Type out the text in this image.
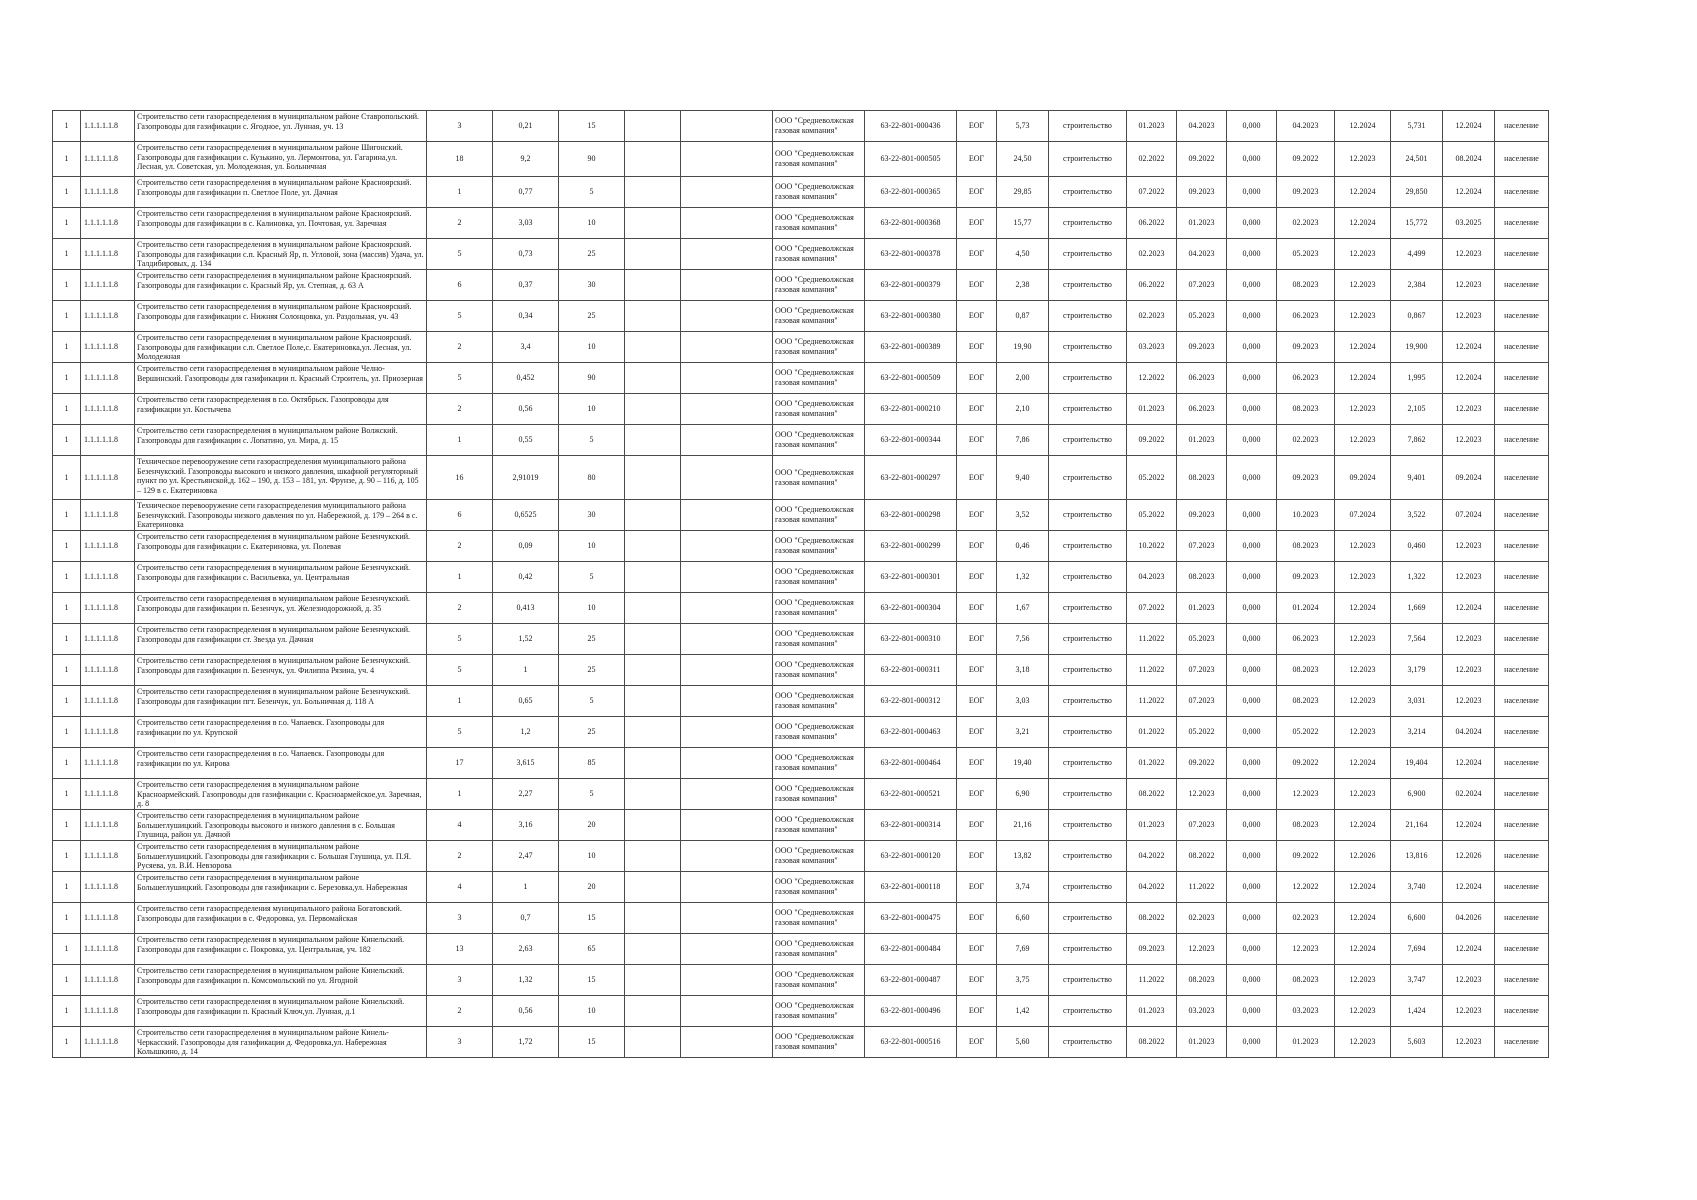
1	1.1.1.1.1.8	Строительство сети газораспределения в муниципальном районе Ставропольский. Газопроводы для газификации с. Ягодное, ул. Лунная, уч. 13	3	0,21	15			ООО "Средневолжская газовая компания"	63-22-801-000436	ЕОГ	5,73	строительство	01.2023	04.2023	0,000	04.2023	12.2024	5,731	12.2024	население
1	1.1.1.1.1.8	Строительство сети газораспределения в муниципальном районе Шигонский. Газопроводы для газификации с. Кузькино, ул. Лермонтова, ул. Гагарина,ул. Лесная, ул. Советская, ул. Молодежная, ул. Больничная	18	9,2	90			ООО "Средневолжская газовая компания"	63-22-801-000505	ЕОГ	24,50	строительство	02.2022	09.2022	0,000	09.2022	12.2023	24,501	08.2024	население
1	1.1.1.1.1.8	Строительство сети газораспределения в муниципальном районе Красноярский. Газопроводы для газификации п. Светлое Поле, ул. Дачная	1	0,77	5			ООО "Средневолжская газовая компания"	63-22-801-000365	ЕОГ	29,85	строительство	07.2022	09.2023	0,000	09.2023	12.2024	29,850	12.2024	население
1	1.1.1.1.1.8	Строительство сети газораспределения в муниципальном районе Красноярский. Газопроводы для газификации в с. Калиновка, ул. Почтовая, ул. Заречная	2	3,03	10			ООО "Средневолжская газовая компания"	63-22-801-000368	ЕОГ	15,77	строительство	06.2022	01.2023	0,000	02.2023	12.2024	15,772	03.2025	население
1	1.1.1.1.1.8	Строительство сети газораспределения в муниципальном районе Красноярский. Газопроводы для газификации с.п. Красный Яр, п. Угловой, зона (массив) Удача, ул. Талдибировых, д. 134	5	0,73	25			ООО "Средневолжская газовая компания"	63-22-801-000378	ЕОГ	4,50	строительство	02.2023	04.2023	0,000	05.2023	12.2023	4,499	12.2023	население
1	1.1.1.1.1.8	Строительство сети газораспределения в муниципальном районе Красноярский. Газопроводы для газификации с. Красный Яр, ул. Степная, д. 63 А	6	0,37	30			ООО "Средневолжская газовая компания"	63-22-801-000379	ЕОГ	2,38	строительство	06.2022	07.2023	0,000	08.2023	12.2023	2,384	12.2023	население
1	1.1.1.1.1.8	Строительство сети газораспределения в муниципальном районе Красноярский. Газопроводы для газификации с. Нижняя Солонцовка, ул. Раздольная, уч. 43	5	0,34	25			ООО "Средневолжская газовая компания"	63-22-801-000380	ЕОГ	0,87	строительство	02.2023	05.2023	0,000	06.2023	12.2023	0,867	12.2023	население
1	1.1.1.1.1.8	Строительство сети газораспределения в муниципальном районе Красноярский. Газопроводы для газификации с.п. Светлое Поле,с. Екатериновка,ул. Лесная, ул. Молодежная	2	3,4	10			ООО "Средневолжская газовая компания"	63-22-801-000389	ЕОГ	19,90	строительство	03.2023	09.2023	0,000	09.2023	12.2024	19,900	12.2024	население
1	1.1.1.1.1.8	Строительство сети газораспределения в муниципальном районе Челно-Вершинский. Газопроводы для газификации п. Красный Строитель, ул. Приозерная	5	0,452	90			ООО "Средневолжская газовая компания"	63-22-801-000509	ЕОГ	2,00	строительство	12.2022	06.2023	0,000	06.2023	12.2024	1,995	12.2024	население
1	1.1.1.1.1.8	Строительство сети газораспределения в г.о. Октябрьск. Газопроводы для газификации ул. Костычева	2	0,56	10			ООО "Средневолжская газовая компания"	63-22-801-000210	ЕОГ	2,10	строительство	01.2023	06.2023	0,000	08.2023	12.2023	2,105	12.2023	население
1	1.1.1.1.1.8	Строительство сети газораспределения в муниципальном районе Волжский. Газопроводы для газификации с. Лопатино, ул. Мира, д. 15	1	0,55	5			ООО "Средневолжская газовая компания"	63-22-801-000344	ЕОГ	7,86	строительство	09.2022	01.2023	0,000	02.2023	12.2023	7,862	12.2023	население
1	1.1.1.1.1.8	Техническое перевооружение сети газораспределения муниципального района Безенчукский. Газопроводы высокого и низкого давления, шкафной регуляторный пункт по ул. Крестьянской,д. 162 – 190, д. 153 – 181, ул. Фрунзе, д. 90 – 116, д. 105 – 129 в с. Екатериновка	16	2,91019	80			ООО "Средневолжская газовая компания"	63-22-801-000297	ЕОГ	9,40	строительство	05.2022	08.2023	0,000	09.2023	09.2024	9,401	09.2024	население
1	1.1.1.1.1.8	Техническое перевооружение сети газораспределения муниципального района Безенчукский. Газопроводы низкого давления по ул. Набережной, д. 179 – 264 в с. Екатериновка	6	0,6525	30			ООО "Средневолжская газовая компания"	63-22-801-000298	ЕОГ	3,52	строительство	05.2022	09.2023	0,000	10.2023	07.2024	3,522	07.2024	население
1	1.1.1.1.1.8	Строительство сети газораспределения в муниципальном районе Безенчукский. Газопроводы для газификации с. Екатериновка, ул. Полевая	2	0,09	10			ООО "Средневолжская газовая компания"	63-22-801-000299	ЕОГ	0,46	строительство	10.2022	07.2023	0,000	08.2023	12.2023	0,460	12.2023	население
1	1.1.1.1.1.8	Строительство сети газораспределения в муниципальном районе Безенчукский. Газопроводы для газификации с. Васильевка, ул. Центральная	1	0,42	5			ООО "Средневолжская газовая компания"	63-22-801-000301	ЕОГ	1,32	строительство	04.2023	08.2023	0,000	09.2023	12.2023	1,322	12.2023	население
1	1.1.1.1.1.8	Строительство сети газораспределения в муниципальном районе Безенчукский. Газопроводы для газификации п. Безенчук, ул. Железнодорожной, д. 35	2	0,413	10			ООО "Средневолжская газовая компания"	63-22-801-000304	ЕОГ	1,67	строительство	07.2022	01.2023	0,000	01.2024	12.2024	1,669	12.2024	население
1	1.1.1.1.1.8	Строительство сети газораспределения в муниципальном районе Безенчукский. Газопроводы для газификации ст. Звезда ул. Дачная	5	1,52	25			ООО "Средневолжская газовая компания"	63-22-801-000310	ЕОГ	7,56	строительство	11.2022	05.2023	0,000	06.2023	12.2023	7,564	12.2023	население
1	1.1.1.1.1.8	Строительство сети газораспределения в муниципальном районе Безенчукский. Газопроводы для газификации п. Безенчук, ул. Филиппа Рязина, уч. 4	5	1	25			ООО "Средневолжская газовая компания"	63-22-801-000311	ЕОГ	3,18	строительство	11.2022	07.2023	0,000	08.2023	12.2023	3,179	12.2023	население
1	1.1.1.1.1.8	Строительство сети газораспределения в муниципальном районе Безенчукский. Газопроводы для газификации пгт. Безенчук, ул. Больничная д. 118 А	1	0,65	5			ООО "Средневолжская газовая компания"	63-22-801-000312	ЕОГ	3,03	строительство	11.2022	07.2023	0,000	08.2023	12.2023	3,031	12.2023	население
1	1.1.1.1.1.8	Строительство сети газораспределения в г.о. Чапаевск. Газопроводы для газификации по ул. Крупской	5	1,2	25			ООО "Средневолжская газовая компания"	63-22-801-000463	ЕОГ	3,21	строительство	01.2022	05.2022	0,000	05.2022	12.2023	3,214	04.2024	население
1	1.1.1.1.1.8	Строительство сети газораспределения в г.о. Чапаевск. Газопроводы для газификации по ул. Кирова	17	3,615	85			ООО "Средневолжская газовая компания"	63-22-801-000464	ЕОГ	19,40	строительство	01.2022	09.2022	0,000	09.2022	12.2024	19,404	12.2024	население
1	1.1.1.1.1.8	Строительство сети газораспределения в муниципальном районе Красноармейский. Газопроводы для газификации с. Красноармейское,ул. Заречная, д. 8	1	2,27	5			ООО "Средневолжская газовая компания"	63-22-801-000521	ЕОГ	6,90	строительство	08.2022	12.2023	0,000	12.2023	12.2023	6,900	02.2024	население
1	1.1.1.1.1.8	Строительство сети газораспределения в муниципальном районе Большеглушицкий. Газопроводы высокого и низкого давления в с. Большая Глушица, район ул. Дачной	4	3,16	20			ООО "Средневолжская газовая компания"	63-22-801-000314	ЕОГ	21,16	строительство	01.2023	07.2023	0,000	08.2023	12.2024	21,164	12.2024	население
1	1.1.1.1.1.8	Строительство сети газораспределения в муниципальном районе Большеглушицкий. Газопроводы для газификации с. Большая Глушица, ул. П.Я. Русяева, ул. В.И. Невзорова	2	2,47	10			ООО "Средневолжская газовая компания"	63-22-801-000120	ЕОГ	13,82	строительство	04.2022	08.2022	0,000	09.2022	12.2026	13,816	12.2026	население
1	1.1.1.1.1.8	Строительство сети газораспределения в муниципальном районе Большеглушицкий. Газопроводы для газификации с. Березовка,ул. Набережная	4	1	20			ООО "Средневолжская газовая компания"	63-22-801-000118	ЕОГ	3,74	строительство	04.2022	11.2022	0,000	12.2022	12.2024	3,740	12.2024	население
1	1.1.1.1.1.8	Строительство сети газораспределения муниципального района Богатовский. Газопроводы для газификации в с. Федоровка, ул. Первомайская	3	0,7	15			ООО "Средневолжская газовая компания"	63-22-801-000475	ЕОГ	6,60	строительство	08.2022	02.2023	0,000	02.2023	12.2024	6,600	04.2026	население
1	1.1.1.1.1.8	Строительство сети газораспределения в муниципальном районе Кинельский. Газопроводы для газификации с. Покровка, ул. Центральная, уч. 182	13	2,63	65			ООО "Средневолжская газовая компания"	63-22-801-000484	ЕОГ	7,69	строительство	09.2023	12.2023	0,000	12.2023	12.2024	7,694	12.2024	население
1	1.1.1.1.1.8	Строительство сети газораспределения в муниципальном районе Кинельский. Газопроводы для газификации п. Комсомольский по ул. Ягодной	3	1,32	15			ООО "Средневолжская газовая компания"	63-22-801-000487	ЕОГ	3,75	строительство	11.2022	08.2023	0,000	08.2023	12.2023	3,747	12.2023	население
1	1.1.1.1.1.8	Строительство сети газораспределения в муниципальном районе Кинельский. Газопроводы для газификации п. Красный Ключ,ул. Лунная, д.1	2	0,56	10			ООО "Средневолжская газовая компания"	63-22-801-000496	ЕОГ	1,42	строительство	01.2023	03.2023	0,000	03.2023	12.2023	1,424	12.2023	население
1	1.1.1.1.1.8	Строительство сети газораспределения в муниципальном районе Кинель-Черкасский. Газопроводы для газификации д. Федоровка,ул. Набережная Колышкино, д. 14	3	1,72	15			ООО "Средневолжская газовая компания"	63-22-801-000516	ЕОГ	5,60	строительство	08.2022	01.2023	0,000	01.2023	12.2023	5,603	12.2023	население
